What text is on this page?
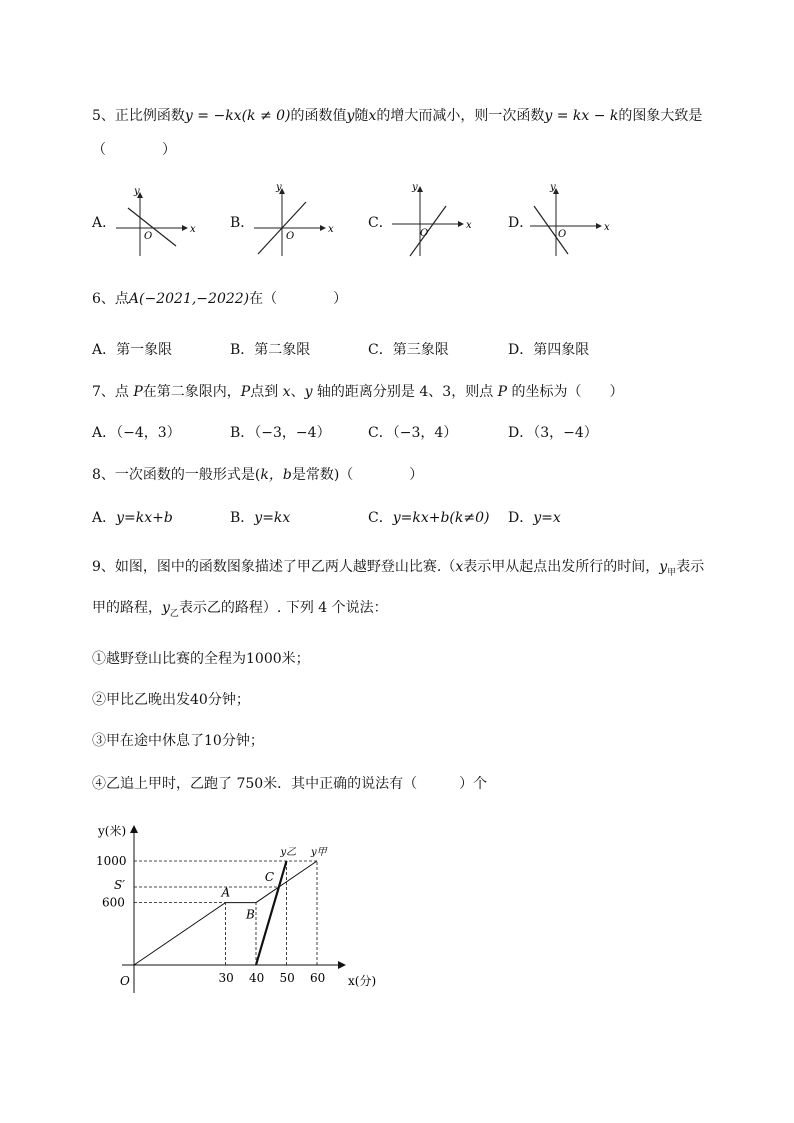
5、正比例函数y = −kx(k ≠ 0)的函数值y随x的增大而减小，则一次函数y = kx − k的图象大致是
（　　　　）
A．	B．	C．	D．
x
y
O
x
y
O
x
y
O
x
y
O
6、点A(−2021,−2022)在（　　　　）
A．第一象限	B．第二象限	C．第三象限	D．第四象限
7、点 P在第二象限内，P点到 x、y 轴的距离分别是 4、3，则点 P 的坐标为（　　）
A．（−4，3）	B．（−3，−4）	C．（−3，4）	D．（3，−4）
8、一次函数的一般形式是(k，b是常数)（　　　　）
A．y=kx+b	B．y=kx	C．y=kx+b(k≠0) D．y=x
9、如图，图中的函数图象描述了甲乙两人越野登山比赛.（x表示甲从起点出发所行的时间，$y_甲$表示
甲的路程，$y_乙$表示乙的路程）. 下列 4 个说法：
①越野登山比赛的全程为1000米；
②甲比乙晚出发40分钟；
③甲在途中休息了10分钟；
④乙追上甲时，乙跑了 750米．其中正确的说法有（　　　）个
30 40 50 60
600
1000
S′
O
y(米)
x(分)
A
B
C
y乙 y甲
